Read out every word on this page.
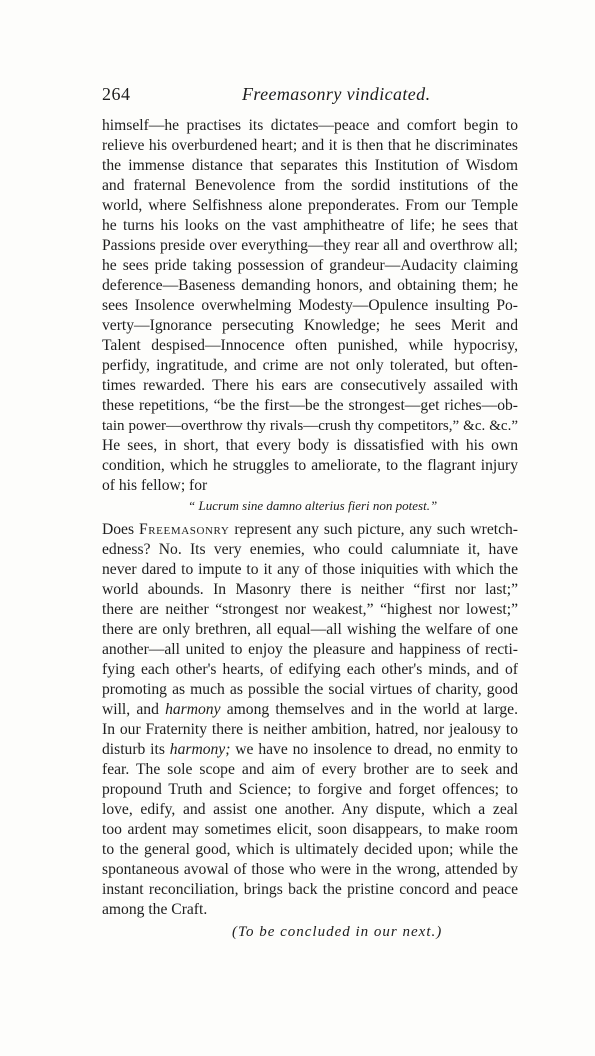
264	Freemasonry vindicated.
himself—he practises its dictates—peace and comfort begin to
relieve his overburdened heart; and it is then that he discriminates
the immense distance that separates this Institution of Wisdom
and fraternal Benevolence from the sordid institutions of the
world, where Selfishness alone preponderates. From our Temple
he turns his looks on the vast amphitheatre of life; he sees that
Passions preside over everything—they rear all and overthrow all;
he sees pride taking possession of grandeur—Audacity claiming
deference—Baseness demanding honors, and obtaining them; he
sees Insolence overwhelming Modesty—Opulence insulting Po-
verty—Ignorance persecuting Knowledge; he sees Merit and
Talent despised—Innocence often punished, while hypocrisy,
perfidy, ingratitude, and crime are not only tolerated, but often-
times rewarded. There his ears are consecutively assailed with
these repetitions, “be the first—be the strongest—get riches—ob-
tain power—overthrow thy rivals—crush thy competitors,” &c. &c.”
He sees, in short, that every body is dissatisfied with his own
condition, which he struggles to ameliorate, to the flagrant injury
of his fellow; for
“ Lucrum sine damno alterius fieri non potest.”
Does Freemasonry represent any such picture, any such wretch-
edness? No. Its very enemies, who could calumniate it, have
never dared to impute to it any of those iniquities with which the
world abounds. In Masonry there is neither “first nor last;”
there are neither “strongest nor weakest,” “highest nor lowest;”
there are only brethren, all equal—all wishing the welfare of one
another—all united to enjoy the pleasure and happiness of recti-
fying each other's hearts, of edifying each other's minds, and of
promoting as much as possible the social virtues of charity, good
will, and harmony among themselves and in the world at large.
In our Fraternity there is neither ambition, hatred, nor jealousy to
disturb its harmony; we have no insolence to dread, no enmity to
fear. The sole scope and aim of every brother are to seek and
propound Truth and Science; to forgive and forget offences; to
love, edify, and assist one another. Any dispute, which a zeal
too ardent may sometimes elicit, soon disappears, to make room
to the general good, which is ultimately decided upon; while the
spontaneous avowal of those who were in the wrong, attended by
instant reconciliation, brings back the pristine concord and peace
among the Craft.
(To be concluded in our next.)
